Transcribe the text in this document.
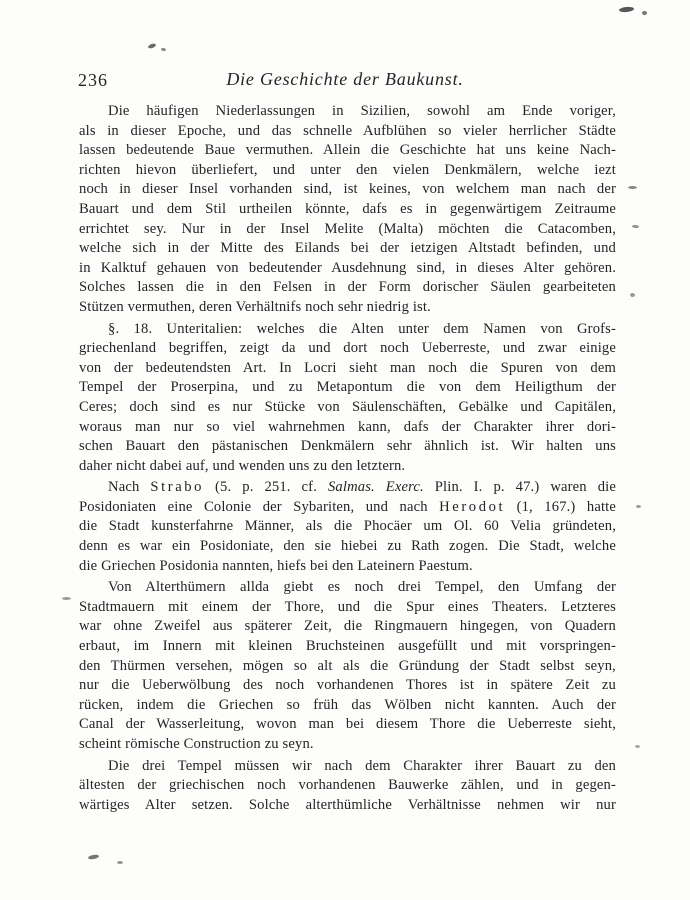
236	Die Geschichte der Baukunst.
Die häufigen Niederlassungen in Sizilien, sowohl am Ende voriger,
als in dieser Epoche, und das schnelle Aufblühen so vieler herrlicher Städte
lassen bedeutende Baue vermuthen. Allein die Geschichte hat uns keine Nach-
richten hievon überliefert, und unter den vielen Denkmälern, welche iezt
noch in dieser Insel vorhanden sind, ist keines, von welchem man nach der
Bauart und dem Stil urtheilen könnte, dafs es in gegenwärtigem Zeitraume
errichtet sey. Nur in der Insel Melite (Malta) möchten die Catacomben,
welche sich in der Mitte des Eilands bei der ietzigen Altstadt befinden, und
in Kalktuf gehauen von bedeutender Ausdehnung sind, in dieses Alter gehören.
Solches lassen die in den Felsen in der Form dorischer Säulen gearbeiteten
Stützen vermuthen, deren Verhältnifs noch sehr niedrig ist.
§. 18. Unteritalien: welches die Alten unter dem Namen von Grofs-
griechenland begriffen, zeigt da und dort noch Ueberreste, und zwar einige
von der bedeutendsten Art. In Locri sieht man noch die Spuren von dem
Tempel der Proserpina, und zu Metapontum die von dem Heiligthum der
Ceres; doch sind es nur Stücke von Säulenschäften, Gebälke und Capitälen,
woraus man nur so viel wahrnehmen kann, dafs der Charakter ihrer dori-
schen Bauart den pästanischen Denkmälern sehr ähnlich ist. Wir halten uns
daher nicht dabei auf, und wenden uns zu den letztern.
Nach Strabo (5. p. 251. cf. Salmas. Exerc. Plin. I. p. 47.) waren die
Posidoniaten eine Colonie der Sybariten, und nach Herodot (1, 167.) hatte
die Stadt kunsterfahrne Männer, als die Phocäer um Ol. 60 Velia gründeten,
denn es war ein Posidoniate, den sie hiebei zu Rath zogen. Die Stadt, welche
die Griechen Posidonia nannten, hiefs bei den Lateinern Paestum.
Von Alterthümern allda giebt es noch drei Tempel, den Umfang der
Stadtmauern mit einem der Thore, und die Spur eines Theaters. Letzteres
war ohne Zweifel aus späterer Zeit, die Ringmauern hingegen, von Quadern
erbaut, im Innern mit kleinen Bruchsteinen ausgefüllt und mit vorspringen-
den Thürmen versehen, mögen so alt als die Gründung der Stadt selbst seyn,
nur die Ueberwölbung des noch vorhandenen Thores ist in spätere Zeit zu
rücken, indem die Griechen so früh das Wölben nicht kannten. Auch der
Canal der Wasserleitung, wovon man bei diesem Thore die Ueberreste sieht,
scheint römische Construction zu seyn.
Die drei Tempel müssen wir nach dem Charakter ihrer Bauart zu den
ältesten der griechischen noch vorhandenen Bauwerke zählen, und in gegen-
wärtiges Alter setzen. Solche alterthümliche Verhältnisse nehmen wir nur
